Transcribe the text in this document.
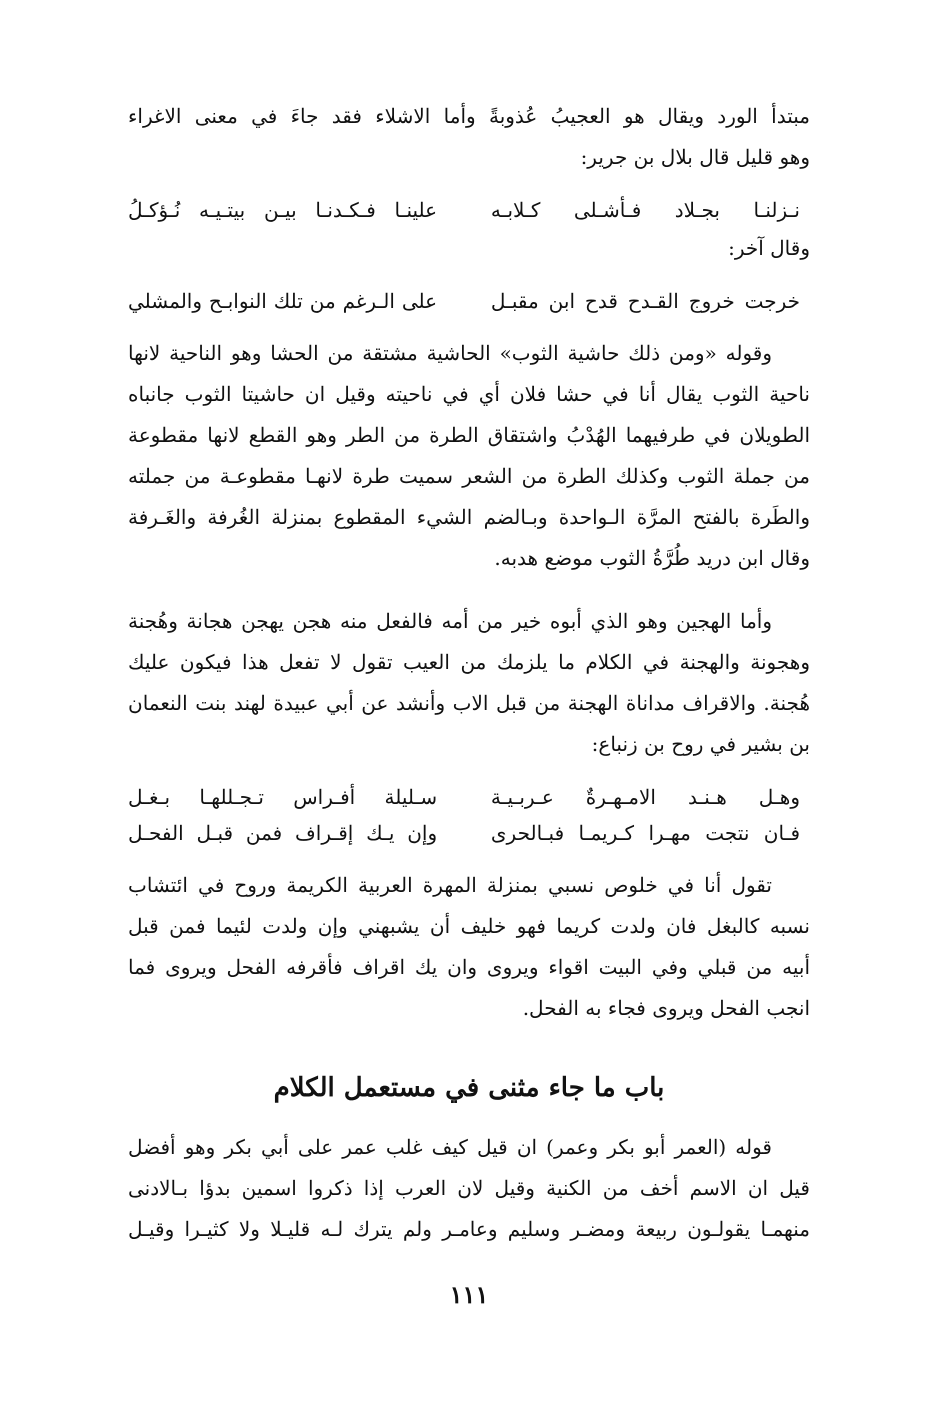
مبتدأ الورد ويقال هو العجيبُ عُذوبةً وأما الاشلاء فقد جاءَ في معنى الاغراء
وهو قليل قال بلال بن جرير:
نـزلنـا بجـلاد فـأشـلى كـلابـه
علينـا فـكـدنـا بيـن بيتـيـه نُـؤكـلُ
وقال آخر:
خرجت خروج القـدح قدح ابن مقبـل
على الـرغم من تلك النوابـح والمشلي
وقوله «ومن ذلك حاشية الثوب» الحاشية مشتقة من الحشا وهو الناحية لانها
ناحية الثوب يقال أنا في حشا فلان أي في ناحيته وقيل ان حاشيتا الثوب جانباه
الطويلان في طرفيهما الهُدْبُ واشتقاق الطرة من الطر وهو القطع لانها مقطوعة
من جملة الثوب وكذلك الطرة من الشعر سميت طرة لانهـا مقطوعـة من جملته
والطَرة بالفتح المرَّة الـواحدة وبـالضم الشيء المقطوع بمنزلة الغُرفة والغَـرفة
وقال ابن دريد طُرَّةُ الثوب موضع هدبه.
وأما الهجين وهو الذي أبوه خير من أمه فالفعل منه هجن يهجن هجانة وهُجنة
وهجونة والهجنة في الكلام ما يلزمك من العيب تقول لا تفعل هذا فيكون عليك
هُجنة. والاقراف مداناة الهجنة من قبل الاب وأنشد عن أبي عبيدة لهند بنت النعمان
بن بشير في روح بن زنباع:
وهـل هـنـد الامـهـرةٌ عـربـيـة
سـليلة أفـراس تـجـللهـا بـغـل
فـان نتجت مهـرا كـريمـا فبـالحرى
وإن يـك إقـراف فمن قبـل الفحـل
تقول أنا في خلوص نسبي بمنزلة المهرة العربية الكريمة وروح في ائتشاب
نسبه كالبغل فان ولدت كريما فهو خليف أن يشبهني وإن ولدت لئيما فمن قبل
أبيه من قبلي وفي البيت اقواء ويروى وان يك اقراف فأقرفه الفحل ويروى فما
انجب الفحل ويروى فجاء به الفحل.
باب ما جاء مثنى في مستعمل الكلام
قوله (العمر أبو بكر وعمر) ان قيل كيف غلب عمر على أبي بكر وهو أفضل
قيل ان الاسم أخف من الكنية وقيل لان العرب إذا ذكروا اسمين بدؤا بـالادنى
منهمـا يقولـون ربيعة ومضـر وسليم وعامـر ولم يترك لـه قليـلا ولا كثيـرا وقيـل
١١١
